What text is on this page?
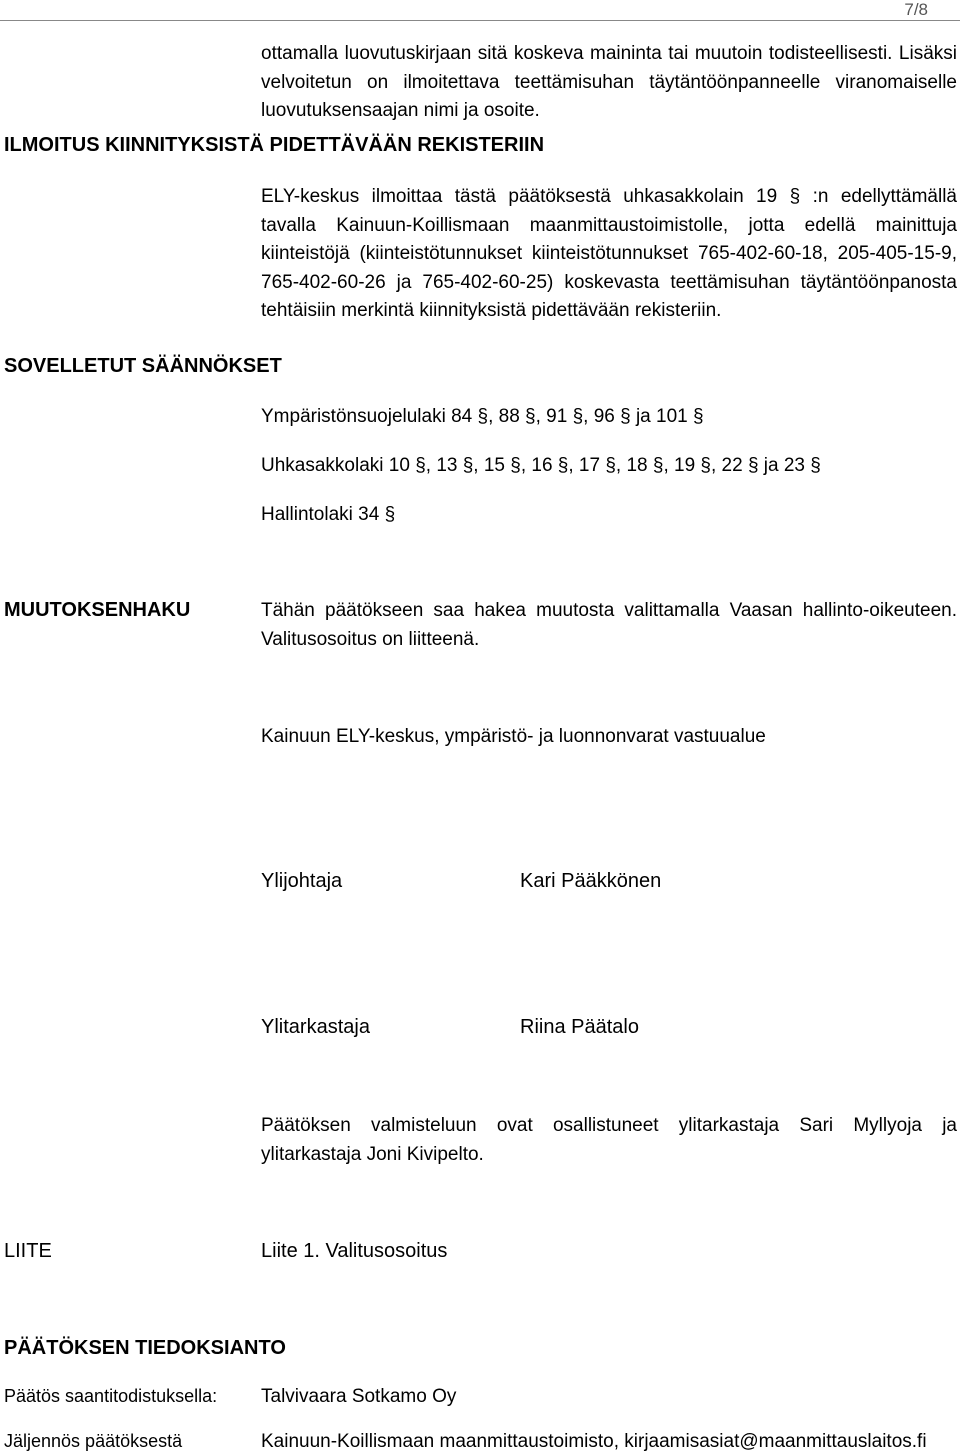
7/8
ottamalla luovutuskirjaan sitä koskeva maininta tai muutoin todisteellisesti. Lisäksi velvoitetun on ilmoitettava teettämisuhan täytäntöönpanneelle viranomaiselle luovutuksensaajan nimi ja osoite.
ILMOITUS KIINNITYKSISTÄ PIDETTÄVÄÄN REKISTERIIN
ELY-keskus ilmoittaa tästä päätöksestä uhkasakkolain 19 § :n edellyttämällä tavalla Kainuun-Koillismaan maanmittaustoimistolle, jotta edellä mainittuja kiinteistöjä (kiinteistötunnukset kiinteistötunnukset 765-402-60-18, 205-405-15-9, 765-402-60-26 ja 765-402-60-25) koskevasta teettämisuhan täytäntöönpanosta tehtäisiin merkintä kiinnityksistä pidettävään rekisteriin.
SOVELLETUT SÄÄNNÖKSET
Ympäristönsuojelulaki 84 §, 88 §, 91 §, 96 § ja 101 §
Uhkasakkolaki 10 §, 13 §, 15 §, 16 §, 17 §, 18 §, 19 §, 22 § ja 23 §
Hallintolaki 34 §
MUUTOKSENHAKU	Tähän päätökseen saa hakea muutosta valittamalla Vaasan hallinto-oikeuteen. Valitusosoitus on liitteenä.
Kainuun ELY-keskus, ympäristö- ja luonnonvarat vastuualue
Ylijohtaja	Kari Pääkkönen
Ylitarkastaja	Riina Päätalo
Päätöksen valmisteluun ovat osallistuneet ylitarkastaja Sari Myllyoja ja ylitarkastaja Joni Kivipelto.
LIITE	Liite 1. Valitusosoitus
PÄÄTÖKSEN TIEDOKSIANTO
Päätös saantitodistuksella: Talvivaara Sotkamo Oy
Jäljennös päätöksestä	Kainuun-Koillismaan maanmittaustoimisto, kirjaamisasiat@maanmittauslaitos.fi
